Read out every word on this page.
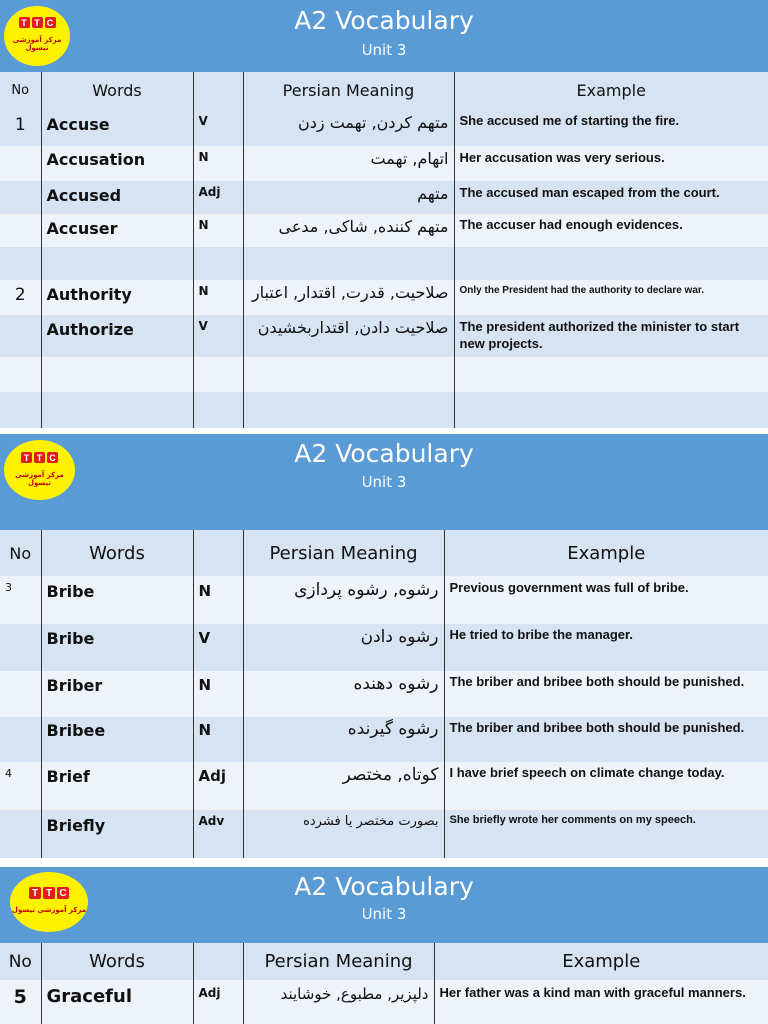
T T C
مرکز آموزشی تیسول
A2 Vocabulary
Unit 3
No	Words		Persian Meaning	Example
1	Accuse	V	متهم کردن, تهمت زدن	She accused me of starting the fire.
	Accusation	N	اتهام, تهمت	Her accusation was very serious.
	Accused	Adj	متهم	The accused man escaped from the court.
	Accuser	N	متهم کننده, شاکی, مدعی	The accuser had enough evidences.

2	Authority	N	صلاحیت, قدرت, اقتدار, اعتبار	Only the President had the authority to declare war.
	Authorize	V	صلاحیت دادن, اقتداربخشیدن	The president authorized the minister to start new projects.

T T C
مرکز آموزشی تیسول
A2 Vocabulary
Unit 3
No	Words		Persian Meaning	Example
3	Bribe	N	رشوه, رشوه پردازی	Previous government was full of bribe.
	Bribe	V	رشوه دادن	He tried to bribe the manager.
	Briber	N	رشوه دهنده	The briber and bribee both should be punished.
	Bribee	N	رشوه گیرنده	The briber and bribee both should be punished.
4	Brief	Adj	کوتاه, مختصر	I have brief speech on climate change today.
	Briefly	Adv	بصورت مختصر یا فشرده	She briefly wrote her comments on my speech.
T T C
مرکز آموزشی تیسول
A2 Vocabulary
Unit 3
No	Words		Persian Meaning	Example
5	Graceful	Adj	دلپزیر, مطبوع, خوشایند	Her father was a kind man with graceful manners.
